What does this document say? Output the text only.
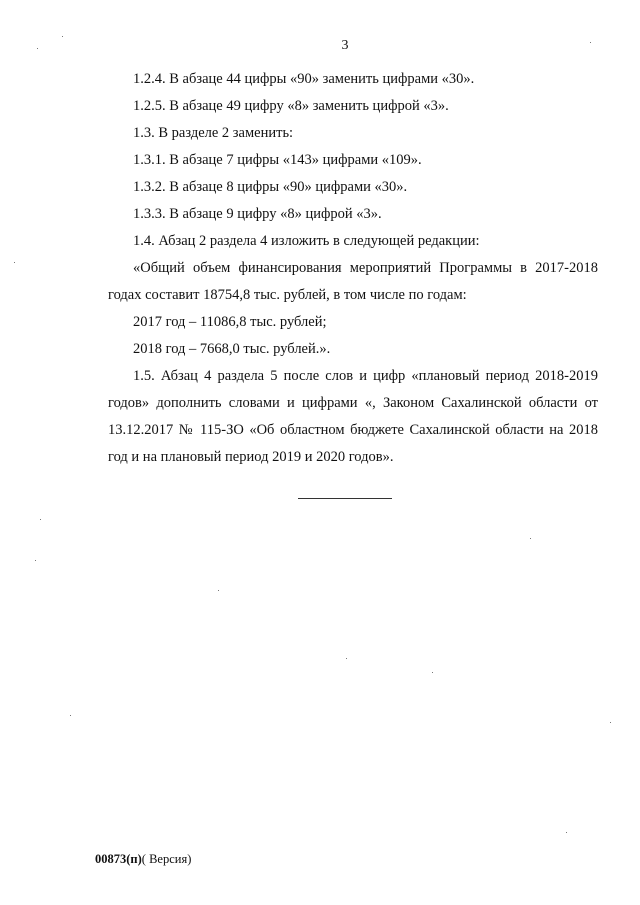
3

1.2.4. В абзаце 44 цифры «90» заменить цифрами «30».

1.2.5. В абзаце 49 цифру «8» заменить цифрой «3».

1.3. В разделе 2 заменить:

1.3.1. В абзаце 7 цифры «143» цифрами «109».

1.3.2. В абзаце 8 цифры «90» цифрами «30».

1.3.3. В абзаце 9 цифру «8» цифрой «3».

1.4. Абзац 2 раздела 4 изложить в следующей редакции:

«Общий объем финансирования мероприятий Программы в 2017-2018 годах составит 18754,8 тыс. рублей, в том числе по годам:

2017 год – 11086,8 тыс. рублей;

2018 год – 7668,0 тыс. рублей.».

1.5. Абзац 4 раздела 5 после слов и цифр «плановый период 2018-2019 годов» дополнить словами и цифрами «, Законом Сахалинской области от 13.12.2017 № 115-ЗО «Об областном бюджете Сахалинской области на 2018 год и на плановый период 2019 и 2020 годов».

00873(п)( Версия)
